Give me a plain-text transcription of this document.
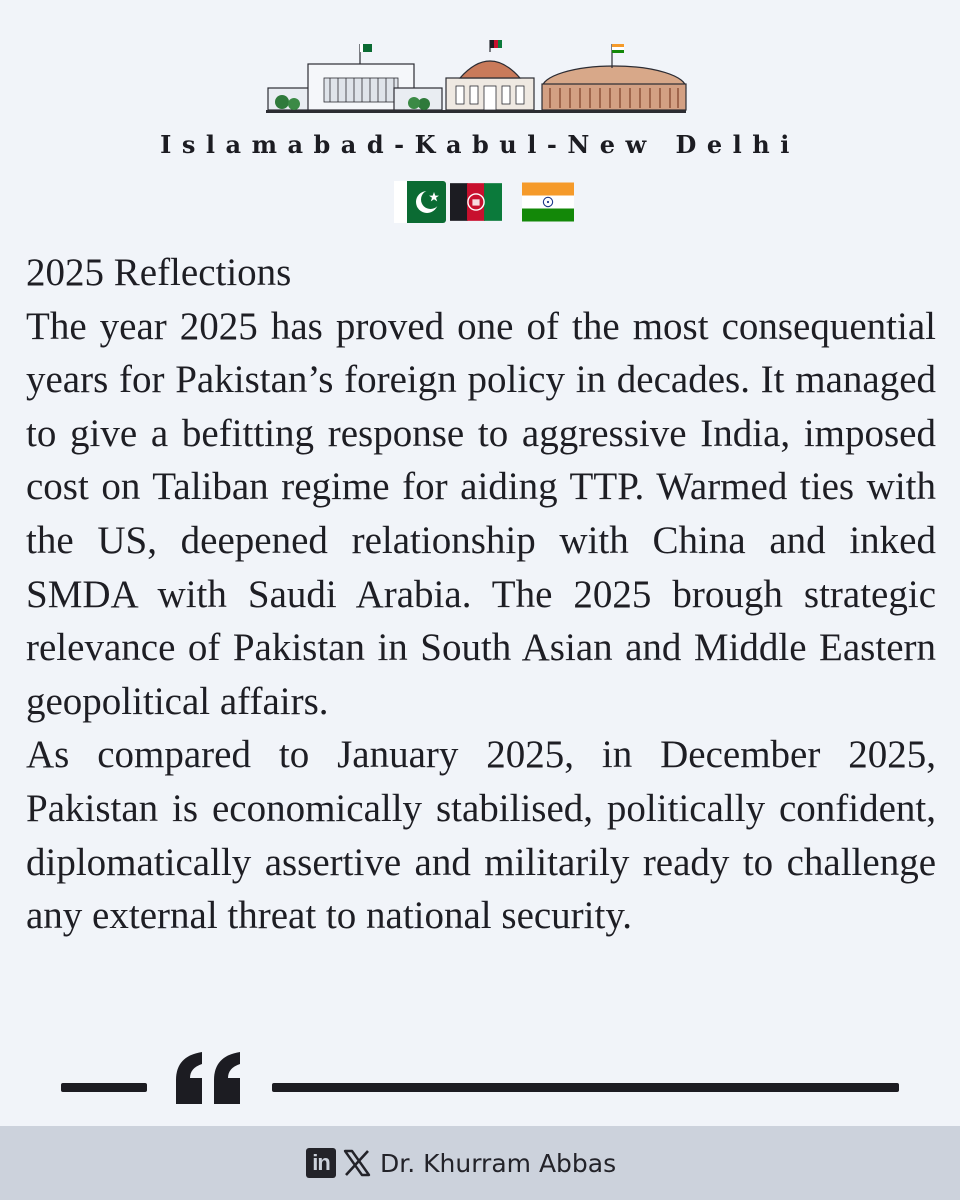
Islamabad-Kabul-New Delhi
2025 Reflections
The year 2025 has proved one of the most consequential years for Pakistan’s foreign policy in decades. It managed to give a befitting response to aggressive India, imposed cost on Taliban regime for aiding TTP. Warmed ties with the US, deepened relationship with China and inked SMDA with Saudi Arabia. The 2025 brough strategic relevance of Pakistan in South Asian and Middle Eastern geopolitical affairs.
As compared to January 2025, in December 2025, Pakistan is economically stabilised, politically confident, diplomatically assertive and militarily ready to challenge any external threat to national security.
in Dr. Khurram Abbas
